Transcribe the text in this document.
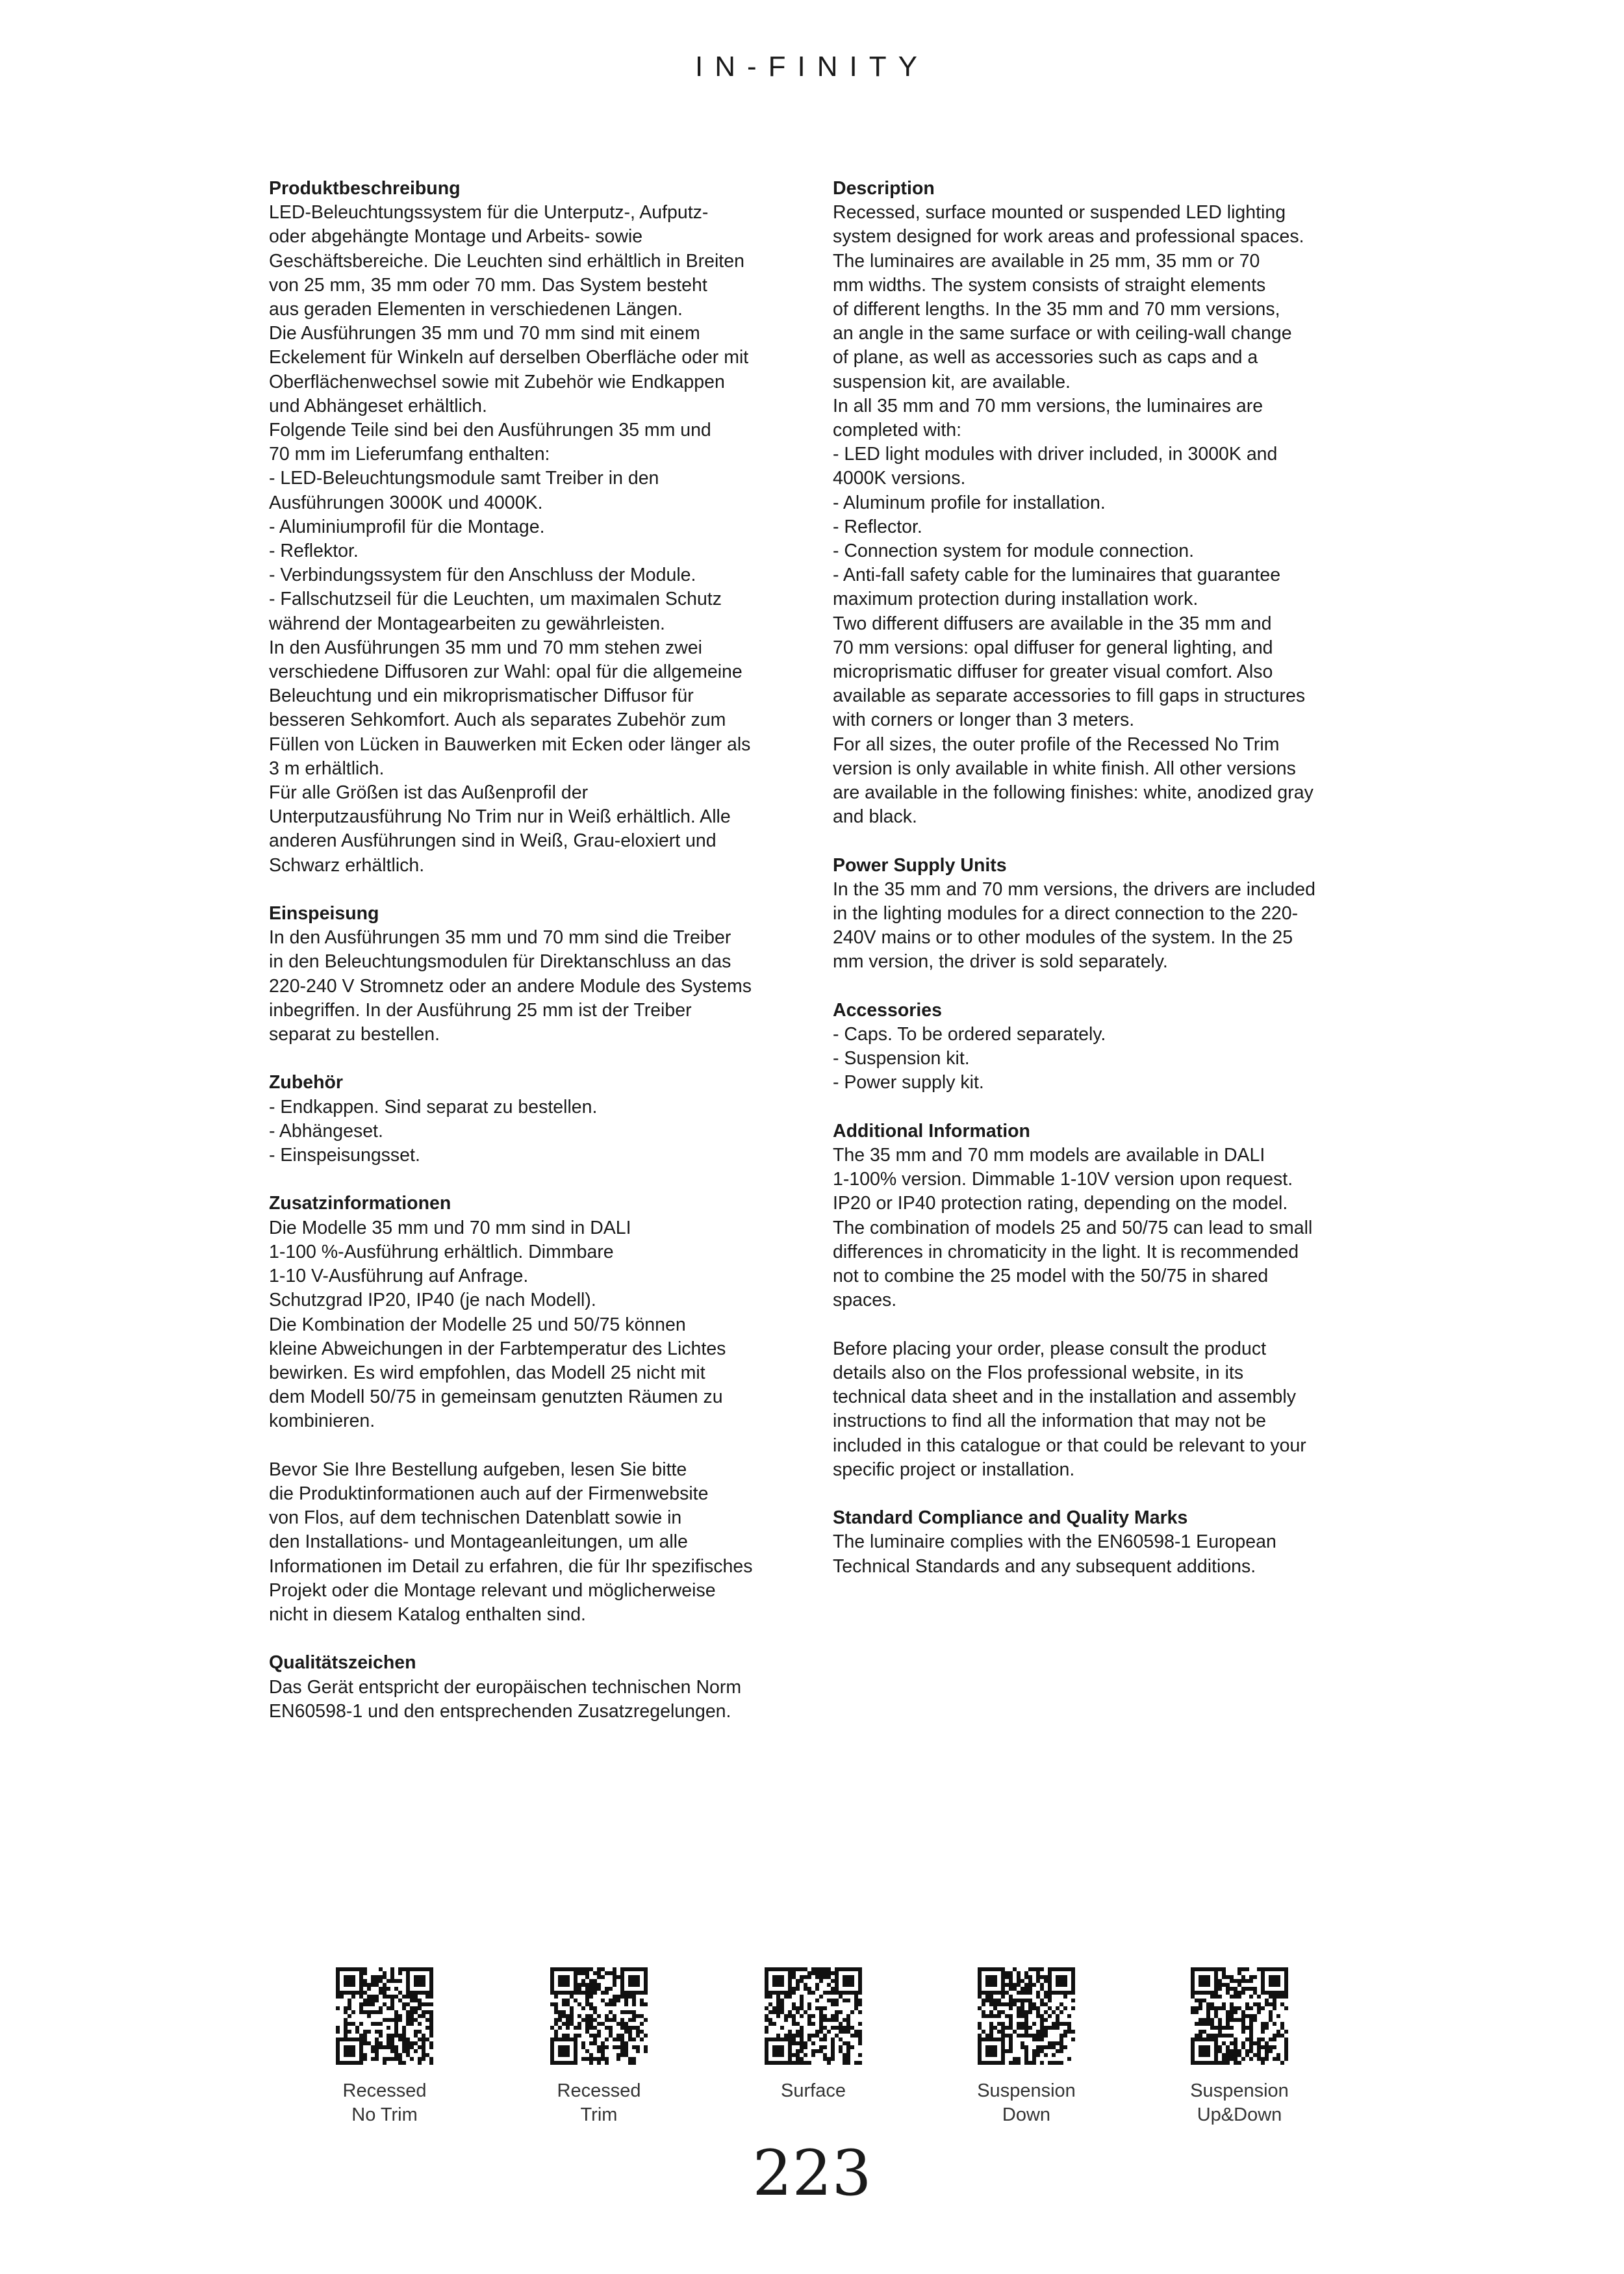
IN-FINITY
Produktbeschreibung

LED-Beleuchtungssystem für die Unterputz-, Aufputz-
oder abgehängte Montage und Arbeits- sowie
Geschäftsbereiche. Die Leuchten sind erhältlich in Breiten
von 25 mm, 35 mm oder 70 mm. Das System besteht
aus geraden Elementen in verschiedenen Längen.
Die Ausführungen 35 mm und 70 mm sind mit einem
Eckelement für Winkeln auf derselben Oberfläche oder mit
Oberflächenwechsel sowie mit Zubehör wie Endkappen
und Abhängeset erhältlich.
Folgende Teile sind bei den Ausführungen 35 mm und
70 mm im Lieferumfang enthalten:
- LED-Beleuchtungsmodule samt Treiber in den
Ausführungen 3000K und 4000K.
- Aluminiumprofil für die Montage.
- Reflektor.
- Verbindungssystem für den Anschluss der Module.
- Fallschutzseil für die Leuchten, um maximalen Schutz
während der Montagearbeiten zu gewährleisten.
In den Ausführungen 35 mm und 70 mm stehen zwei
verschiedene Diffusoren zur Wahl: opal für die allgemeine
Beleuchtung und ein mikroprismatischer Diffusor für
besseren Sehkomfort. Auch als separates Zubehör zum
Füllen von Lücken in Bauwerken mit Ecken oder länger als
3 m erhältlich.
Für alle Größen ist das Außenprofil der
Unterputzausführung No Trim nur in Weiß erhältlich. Alle
anderen Ausführungen sind in Weiß, Grau-eloxiert und
Schwarz erhältlich.

Einspeisung

In den Ausführungen 35 mm und 70 mm sind die Treiber
in den Beleuchtungsmodulen für Direktanschluss an das
220-240 V Stromnetz oder an andere Module des Systems
inbegriffen. In der Ausführung 25 mm ist der Treiber
separat zu bestellen.

Zubehör

- Endkappen. Sind separat zu bestellen.
- Abhängeset.
- Einspeisungsset.

Zusatzinformationen

Die Modelle 35 mm und 70 mm sind in DALI
1-100 %-Ausführung erhältlich. Dimmbare
1-10 V-Ausführung auf Anfrage.
Schutzgrad IP20, IP40 (je nach Modell).
Die Kombination der Modelle 25 und 50/75 können
kleine Abweichungen in der Farbtemperatur des Lichtes
bewirken. Es wird empfohlen, das Modell 25 nicht mit
dem Modell 50/75 in gemeinsam genutzten Räumen zu
kombinieren.

Bevor Sie Ihre Bestellung aufgeben, lesen Sie bitte
die Produktinformationen auch auf der Firmenwebsite
von Flos, auf dem technischen Datenblatt sowie in
den Installations- und Montageanleitungen, um alle
Informationen im Detail zu erfahren, die für Ihr spezifisches
Projekt oder die Montage relevant und möglicherweise
nicht in diesem Katalog enthalten sind.

Qualitätszeichen

Das Gerät entspricht der europäischen technischen Norm
EN60598-1 und den entsprechenden Zusatzregelungen.

Description

Recessed, surface mounted or suspended LED lighting
system designed for work areas and professional spaces.
The luminaires are available in 25 mm, 35 mm or 70
mm widths. The system consists of straight elements
of different lengths. In the 35 mm and 70 mm versions,
an angle in the same surface or with ceiling-wall change
of plane, as well as accessories such as caps and a
suspension kit, are available.
In all 35 mm and 70 mm versions, the luminaires are
completed with:
- LED light modules with driver included, in 3000K and
4000K versions.
- Aluminum profile for installation.
- Reflector.
- Connection system for module connection.
- Anti-fall safety cable for the luminaires that guarantee
maximum protection during installation work.
Two different diffusers are available in the 35 mm and
70 mm versions: opal diffuser for general lighting, and
microprismatic diffuser for greater visual comfort. Also
available as separate accessories to fill gaps in structures
with corners or longer than 3 meters.
For all sizes, the outer profile of the Recessed No Trim
version is only available in white finish. All other versions
are available in the following finishes: white, anodized gray
and black.

Power Supply Units

In the 35 mm and 70 mm versions, the drivers are included
in the lighting modules for a direct connection to the 220-
240V mains or to other modules of the system. In the 25
mm version, the driver is sold separately.

Accessories

- Caps. To be ordered separately.
- Suspension kit.
- Power supply kit.

Additional Information

The 35 mm and 70 mm models are available in DALI
1-100% version. Dimmable 1-10V version upon request.
IP20 or IP40 protection rating, depending on the model.
The combination of models 25 and 50/75 can lead to small
differences in chromaticity in the light. It is recommended
not to combine the 25 model with the 50/75 in shared
spaces.

Before placing your order, please consult the product
details also on the Flos professional website, in its
technical data sheet and in the installation and assembly
instructions to find all the information that may not be
included in this catalogue or that could be relevant to your
specific project or installation.

Standard Compliance and Quality Marks

The luminaire complies with the EN60598-1 European
Technical Standards and any subsequent additions.

Recessed
No Trim
Recessed
Trim
Surface	Suspension
Down
Suspension
Up&Down
223
